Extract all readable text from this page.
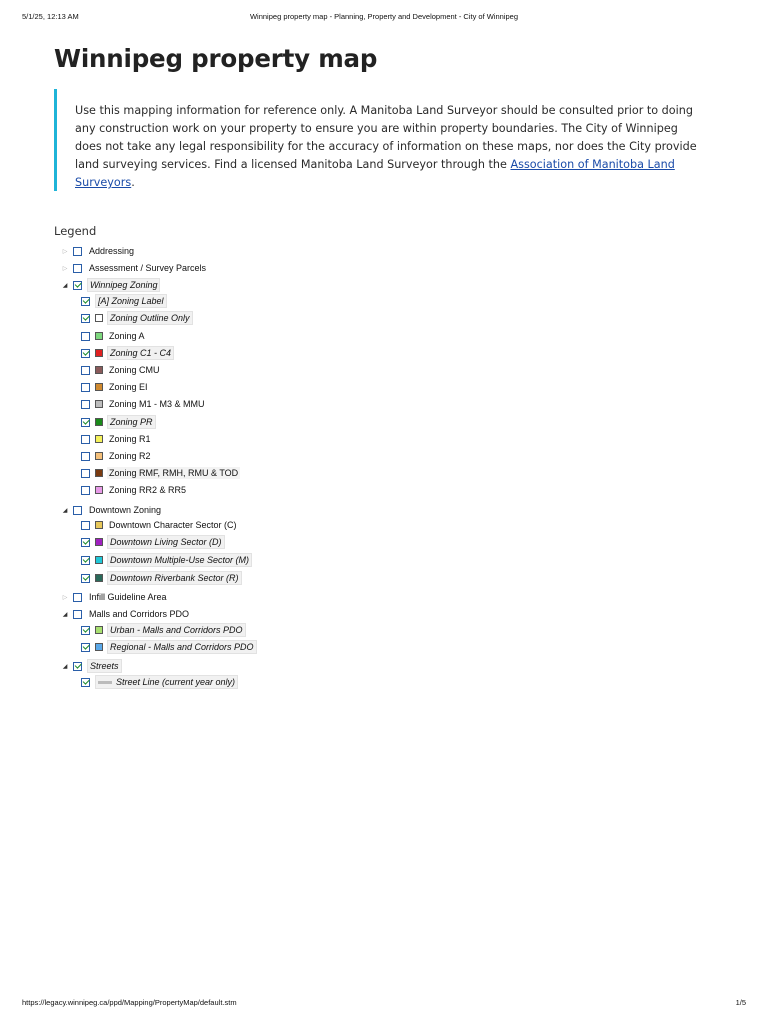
5/1/25, 12:13 AM	Winnipeg property map - Planning, Property and Development - City of Winnipeg
Winnipeg property map

Use this mapping information for reference only. A Manitoba Land Surveyor should be consulted prior to doing any construction work on your property to ensure you are within property boundaries. The City of Winnipeg does not take any legal responsibility for the accuracy of information on these maps, nor does the City provide land surveying services. Find a licensed Manitoba Land Surveyor through the Association of Manitoba Land Surveyors.

Legend
▷ Addressing
▷ Assessment / Survey Parcels
◢	Winnipeg Zoning
[A] Zoning Label
Zoning Outline Only
Zoning A
Zoning C1 - C4
Zoning CMU
Zoning EI
Zoning M1 - M3 & MMU
Zoning PR
Zoning R1
Zoning R2
Zoning RMF, RMH, RMU & TOD
Zoning RR2 & RR5
◢ Downtown Zoning
Downtown Character Sector (C)
Downtown Living Sector (D)
Downtown Multiple-Use Sector (M)
Downtown Riverbank Sector (R)
▷ Infill Guideline Area
◢ Malls and Corridors PDO
Urban - Malls and Corridors PDO
Regional - Malls and Corridors PDO
◢	Streets
Street Line (current year only)
https://legacy.winnipeg.ca/ppd/Mapping/PropertyMap/default.stm	1/5
